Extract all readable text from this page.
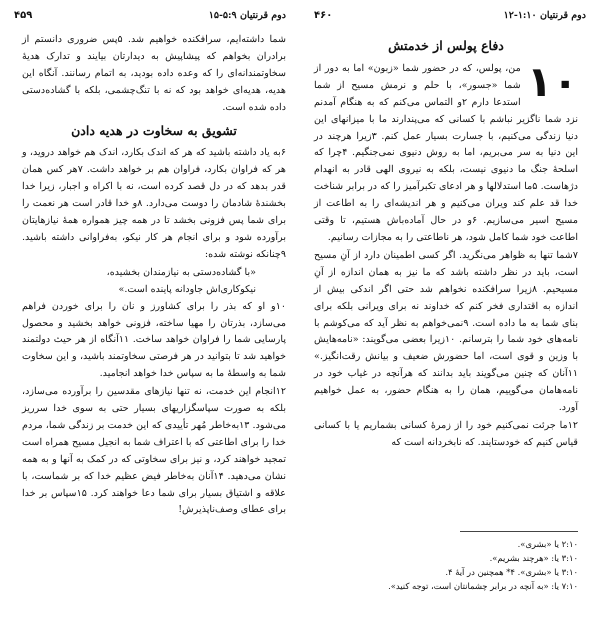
دوم قرنتیان ۵:۹-۱۵
۴۵۹

شما داشته‌ایم، سرافکنده خواهیم شد. ۵پس ضروری دانستم از برادران بخواهم که پیشاپیش به دیدارتان بیایند و تدارک هدیهٔ سخاوتمندانه‌ای را که وعده داده بودید، به اتمام رسانند. آنگاه این هدیه، هدیه‌ای خواهد بود که نه با تنگ‌چشمی، بلکه با گشاده‌دستی داده شده است.

تشویق به سخاوت در هدیه دادن

۶به یاد داشته باشید که هر که اندک بکارد، اندک هم خواهد دروید، و هر که فراوان بکارد، فراوان هم بر خواهد داشت. ۷هر کس همان قدر بدهد که در دل قصد کرده است، نه با اکراه و اجبار، زیرا خدا بخشندهٔ شادمان را دوست می‌دارد. ۸و خدا قادر است هر نعمت را برای شما پس فزونی بخشد تا در همه چیز همواره همهٔ نیازهایتان برآورده شود و برای انجام هر کار نیکو، به‌فراوانی داشته باشید. ۹چنانکه نوشته شده:

«با گشاده‌دستی به نیازمندان بخشیده،
نیکوکاری‌اش جاودانه پاینده است.»

۱۰و او که بذر را برای کشاورز و نان را برای خوردن فراهم می‌سازد، بذرتان را مهیا ساخته، فزونی خواهد بخشید و محصول پارسایی شما را فراوان خواهد ساخت. ۱۱آنگاه از هر حیث دولتمند خواهید شد تا بتوانید در هر فرصتی سخاوتمند باشید، و این سخاوت شما به واسطهٔ ما به سپاس خدا خواهد انجامید.

۱۲انجام این خدمت، نه تنها نیازهای مقدسین را برآورده می‌سازد، بلکه به صورت سپاسگزاریهای بسیار حتی به سوی خدا سرریز می‌شود. ۱۳به‌خاطر مُهر تأییدی که این خدمت بر زندگی شما، مردم خدا را برای اطاعتی که با اعتراف شما به انجیل مسیح همراه است تمجید خواهند کرد، و نیز برای سخاوتی که در کمک به آنها و به همه نشان می‌دهید. ۱۴آنان به‌خاطر فیض عظیم خدا که بر شماست، با علاقه و اشتیاق بسیار برای شما دعا خواهند کرد. ۱۵سپاس بر خدا برای عطای وصف‌ناپذیرش!

دوم قرنتیان ۱:۱۰-۱۲
۴۶۰
دفاع پولس از خدمتش
۱۰

من، پولس، که در حضور شما «زبون» اما به دور از شما «جسور»، با حلم و نرمش مسیح از شما استدعا دارم ۲و التماس می‌کنم که به هنگام آمدنم نزد شما ناگزیر نباشم با کسانی که می‌پندارند ما با میزانهای این دنیا زندگی می‌کنیم، با جسارت بسیار عمل کنم. ۳زیرا هرچند در این دنیا به سر می‌بریم، اما به روش دنیوی نمی‌جنگیم. ۴چرا که اسلحهٔ جنگ ما دنیوی نیست، بلکه به نیروی الهی قادر به انهدام دژهاست. ۵ما استدلالها و هر ادعای تکبرآمیز را که در برابر شناخت خدا قد علم کند ویران می‌کنیم و هر اندیشه‌ای را به اطاعت از مسیح اسیر می‌سازیم. ۶و در حال آماده‌باش هستیم، تا وقتی اطاعت خود شما کامل شود، هر ناطاعتی را به مجازات رسانیم.

۷شما تنها به ظواهر می‌نگرید. اگر کسی اطمینان دارد از آنِ مسیح است، باید در نظر داشته باشد که ما نیز به همان اندازه از آنِ مسیحیم. ۸زیرا سرافکنده نخواهم شد حتی اگر اندکی بیش از اندازه به اقتداری فخر کنم که خداوند نه برای ویرانی بلکه برای بنای شما به ما داده است. ۹نمی‌خواهم به نظر آید که می‌کوشم با نامه‌های خود شما را بترسانم. ۱۰زیرا بعضی می‌گویند: «نامه‌هایش با وزین و قوی است، اما حضورش ضعیف و بیانش رقت‌انگیز.» ۱۱آنان که چنین می‌گویند باید بدانند که هرآنچه در غیاب خود در نامه‌هامان می‌گوییم، همان را به هنگام حضور، به عمل خواهیم آورد.

۱۲ما جرئت نمی‌کنیم خود را از زمرهٔ کسانی بشماریم یا با کسانی قیاس کنیم که خودستایند. که نابخردانه است که

۲:۱۰ یا «بشری».
۳:۱۰ یا: «هرچند بشریم».
۳:۱۰ یا «بشری». ۴* همچنین در آیهٔ ۴.
۷:۱۰ یا: «به آنچه در برابر چشمانتان است، توجه کنید».
